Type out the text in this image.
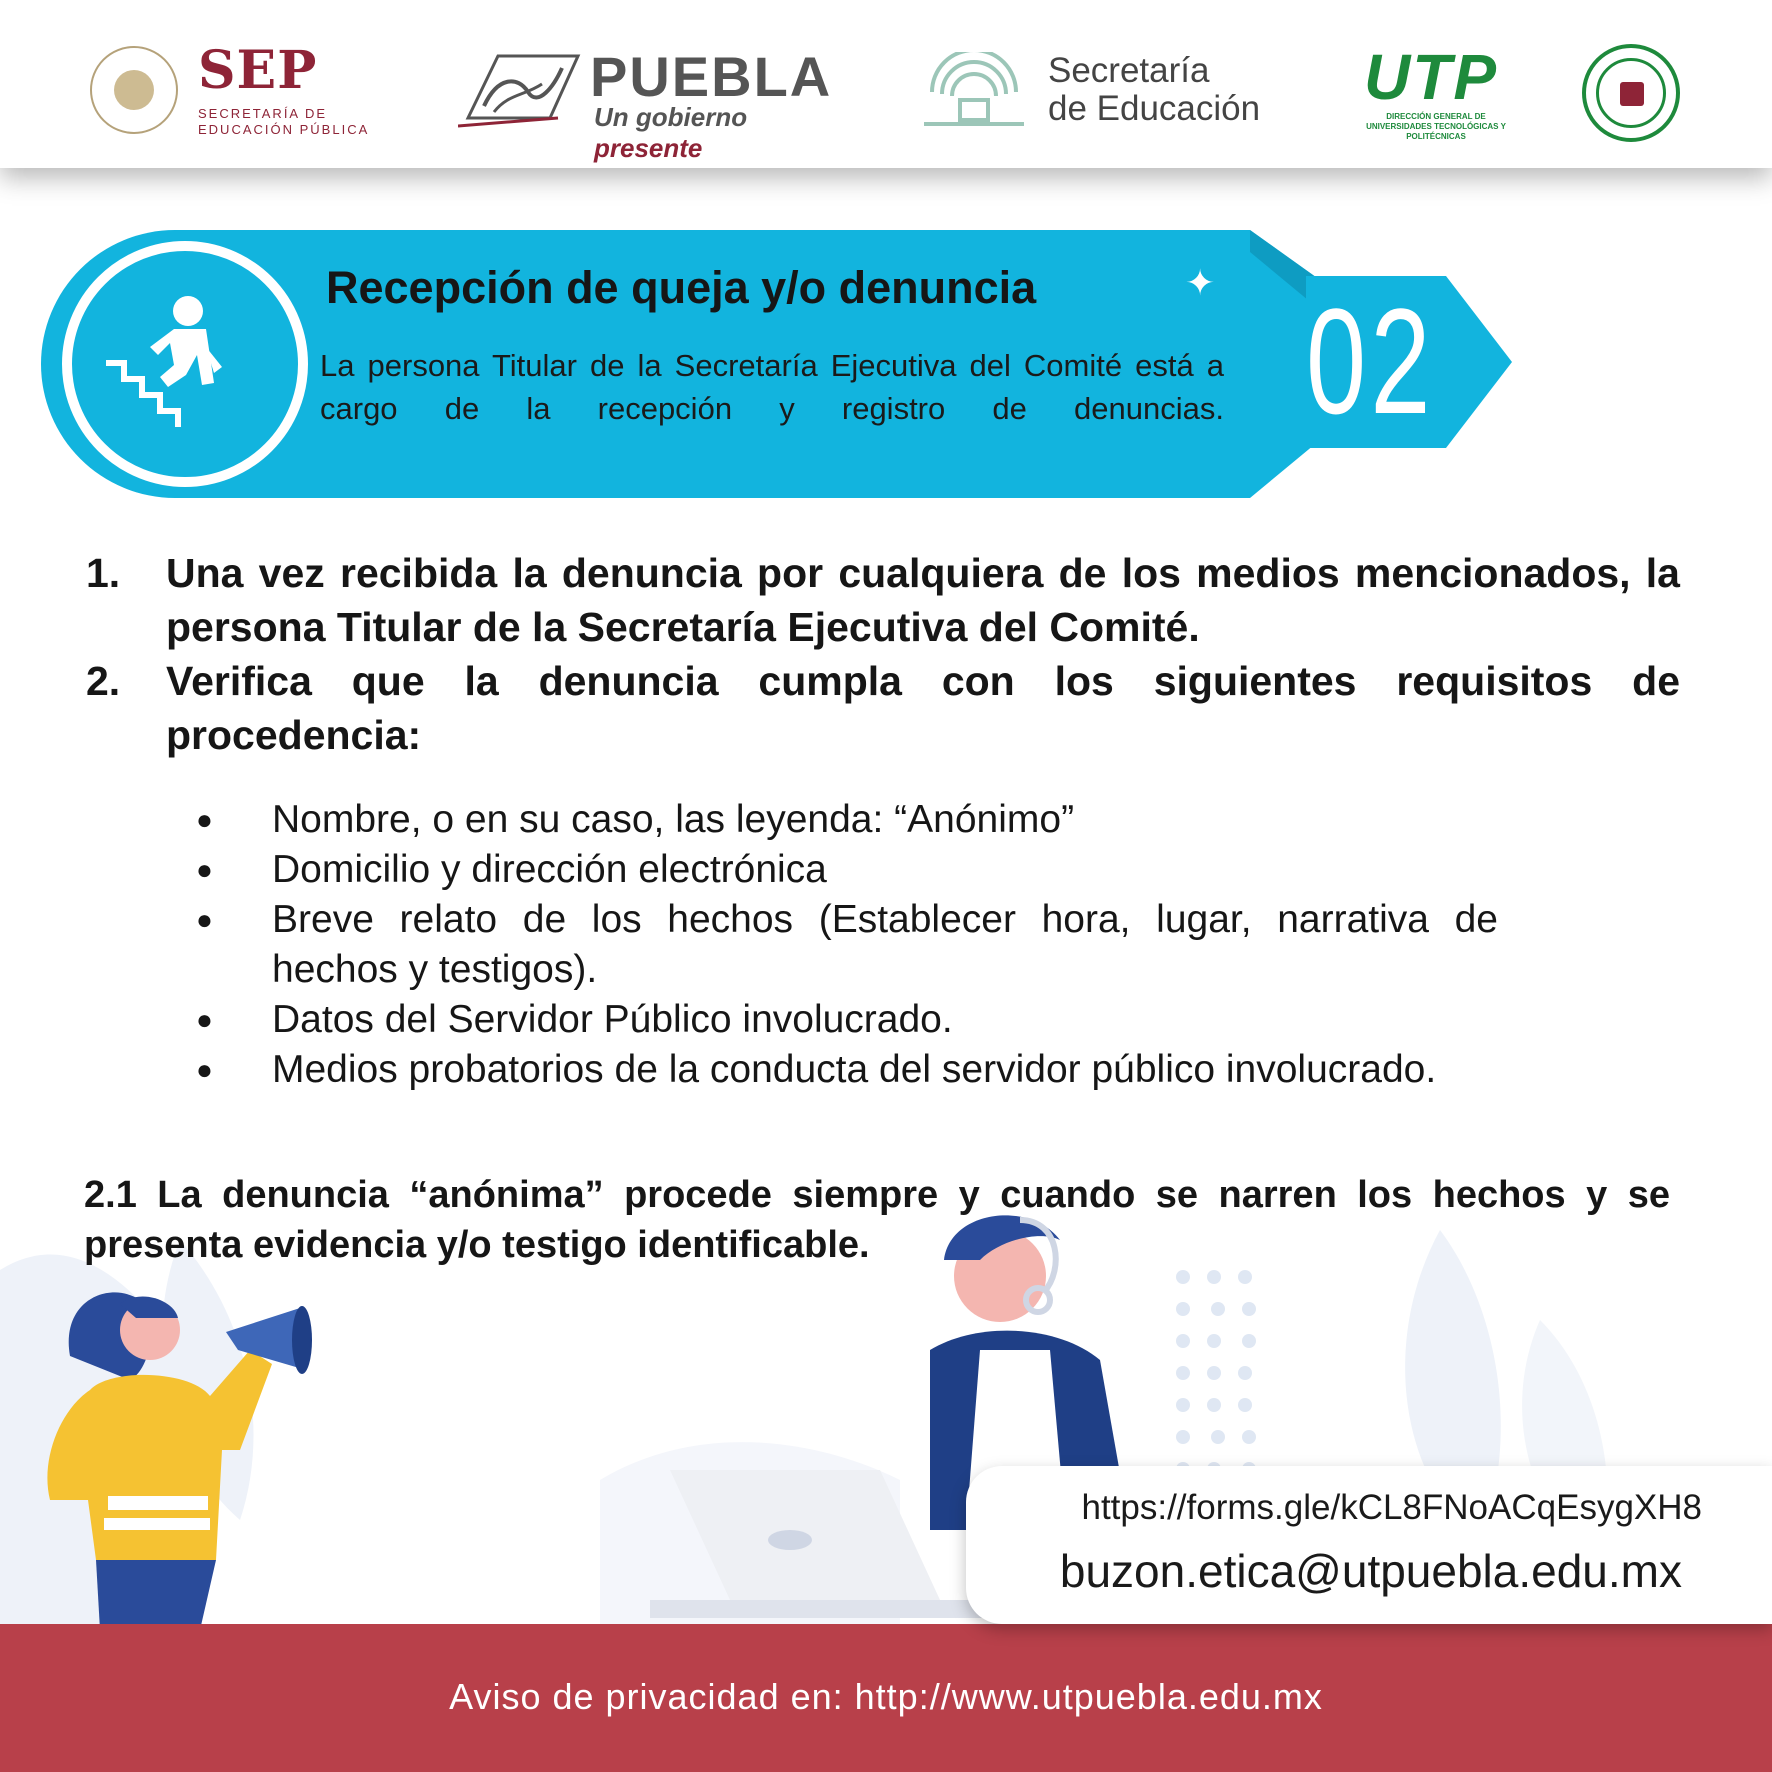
SEP
SECRETARÍA DE EDUCACIÓN PÚBLICA
PUEBLA
Un gobierno presente
Secretaría
de Educación UTP
DIRECCIÓN GENERAL DE UNIVERSIDADES TECNOLÓGICAS Y POLITÉCNICAS

✦
Recepción de queja y/o denuncia
La persona Titular de la Secretaría Ejecutiva del Comité está a cargo de la recepción y registro de denuncias. 02
1.	Una vez recibida la denuncia por cualquiera de los medios mencionados, la persona Titular de la Secretaría Ejecutiva del Comité.
2.	Verifica que la denuncia cumpla con los siguientes requisitos de procedencia:
●	Nombre, o en su caso, las leyenda: “Anónimo”
●	Domicilio y dirección electrónica
●	Breve relato de los hechos (Establecer hora, lugar, narrativa de hechos y testigos).
●	Datos del Servidor Público involucrado.
●	Medios probatorios de la conducta del servidor público involucrado.
2.1 La denuncia “anónima” procede siempre y cuando se narren los hechos y se presenta evidencia y/o testigo identificable.
https://forms.gle/kCL8FNoACqEsygXH8
buzon.etica@utpuebla.edu.mx
Aviso de privacidad en: http://www.utpuebla.edu.mx
